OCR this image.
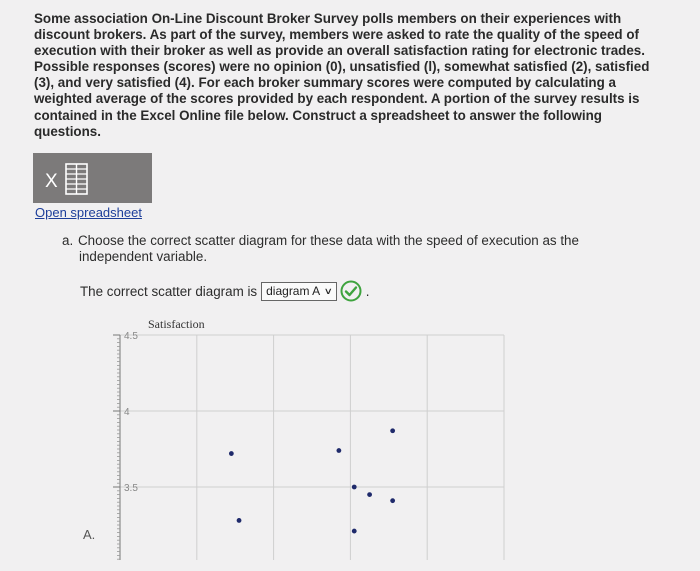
Some association On-Line Discount Broker Survey polls members on their experiences with discount brokers. As part of the survey, members were asked to rate the quality of the speed of execution with their broker as well as provide an overall satisfaction rating for electronic trades. Possible responses (scores) were no opinion (0), unsatisfied (l), somewhat satisfied (2), satisfied (3), and very satisfied (4). For each broker summary scores were computed by calculating a weighted average of the scores provided by each respondent. A portion of the survey results is contained in the Excel Online file below. Construct a spreadsheet to answer the following questions.

X
Open spreadsheet
a. Choose the correct scatter diagram for these data with the speed of execution as the
independent variable.
The correct scatter diagram is diagram A ∨ .
4.5
4
3.5
Satisfaction
A.
